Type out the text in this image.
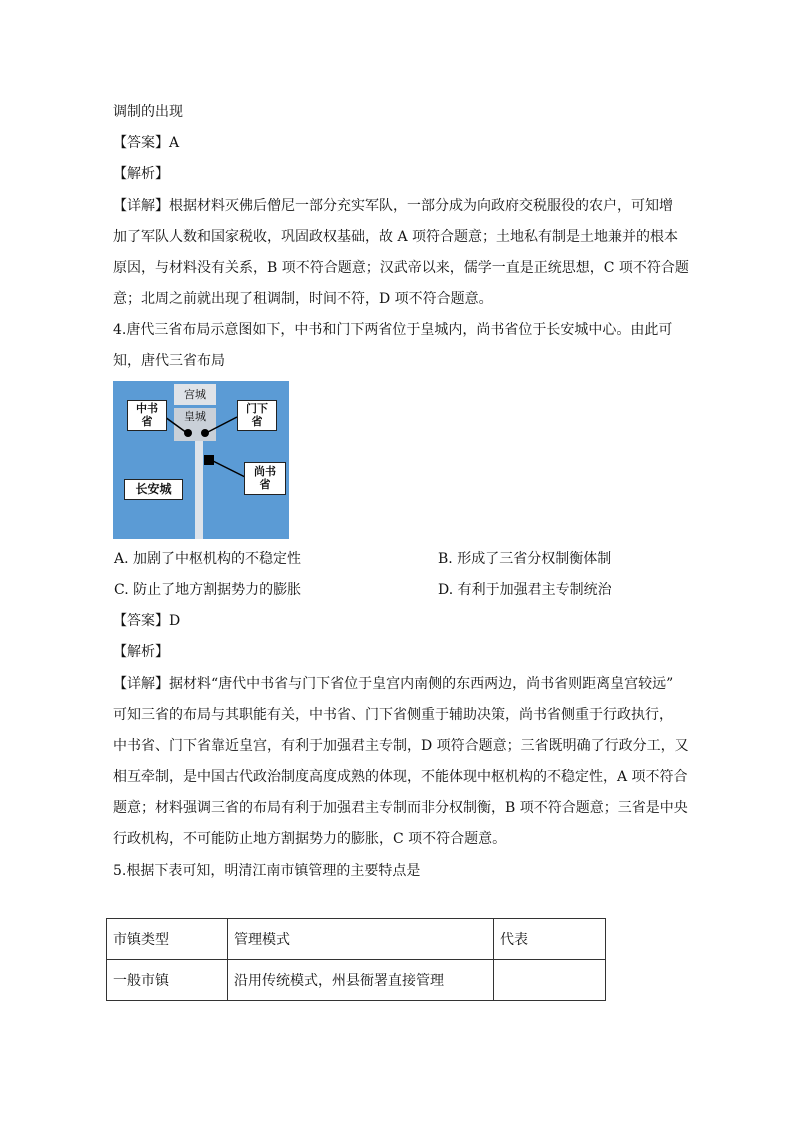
调制的出现
【答案】A
【解析】
【详解】根据材料灭佛后僧尼一部分充实军队，一部分成为向政府交税服役的农户，可知增
加了军队人数和国家税收，巩固政权基础，故 A 项符合题意；土地私有制是土地兼并的根本
原因，与材料没有关系，B 项不符合题意；汉武帝以来，儒学一直是正统思想，C 项不符合题
意；北周之前就出现了租调制，时间不符，D 项不符合题意。
4.唐代三省布局示意图如下，中书和门下两省位于皇城内，尚书省位于长安城中心。由此可
知，唐代三省布局
宫城
皇城
中书
省
门下
省
尚书
省
长安城
A. 加剧了中枢机构的不稳定性	B. 形成了三省分权制衡体制
C. 防止了地方割据势力的膨胀	D. 有利于加强君主专制统治
【答案】D
【解析】
【详解】据材料“唐代中书省与门下省位于皇宫内南侧的东西两边，尚书省则距离皇宫较远”
可知三省的布局与其职能有关，中书省、门下省侧重于辅助决策，尚书省侧重于行政执行，
中书省、门下省靠近皇宫，有利于加强君主专制，D 项符合题意；三省既明确了行政分工，又
相互牵制，是中国古代政治制度高度成熟的体现，不能体现中枢机构的不稳定性，A 项不符合
题意；材料强调三省的布局有利于加强君主专制而非分权制衡，B 项不符合题意；三省是中央
行政机构，不可能防止地方割据势力的膨胀，C 项不符合题意。
5.根据下表可知，明清江南市镇管理的主要特点是
市镇类型	管理模式	代表
一般市镇	沿用传统模式，州县衙署直接管理	
